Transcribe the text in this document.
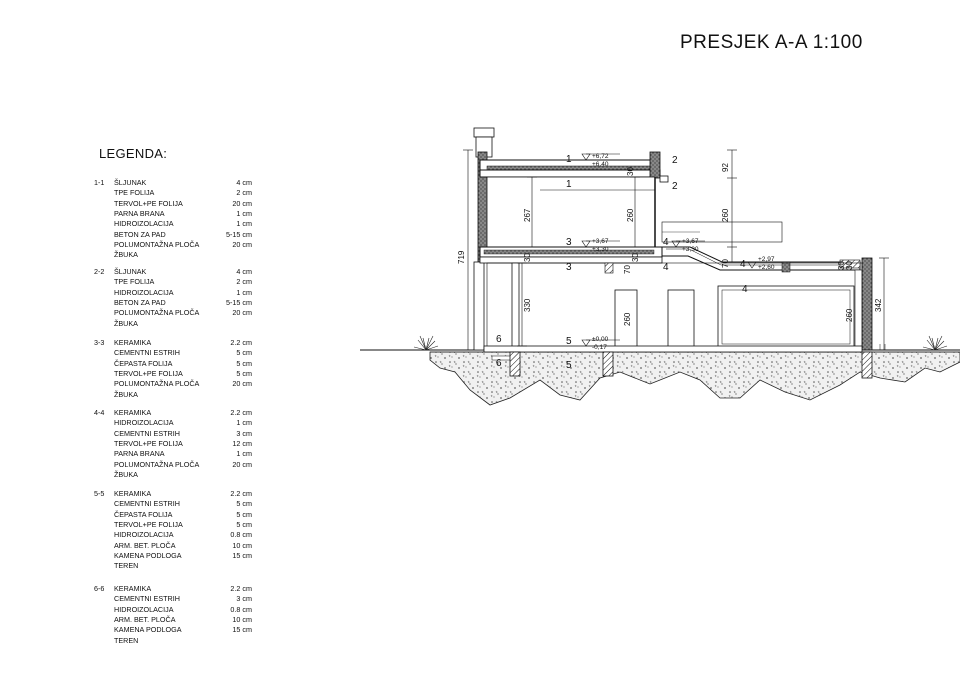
PRESJEK A-A 1:100
LEGENDA:
1-1 ŠLJUNAK	4 cm
TPE FOLIJA	2 cm
TERVOL+PE FOLIJA	20 cm
PARNA BRANA	1 cm
HIDROIZOLACIJA	1 cm
BETON ZA PAD	5-15 cm
POLUMONTAŽNA PLOČA	20 cm
ŽBUKA
2-2 ŠLJUNAK	4 cm
TPE FOLIJA	2 cm
HIDROIZOLACIJA	1 cm
BETON ZA PAD	5-15 cm
POLUMONTAŽNA PLOČA	20 cm
ŽBUKA
3-3 KERAMIKA	2.2 cm
CEMENTNI ESTRIH	5 cm
ČEPASTA FOLIJA	5 cm
TERVOL+PE FOLIJA	5 cm
POLUMONTAŽNA PLOČA	20 cm
ŽBUKA
4-4 KERAMIKA	2.2 cm
HIDROIZOLACIJA	1 cm
CEMENTNI ESTRIH	3 cm
TERVOL+PE FOLIJA	12 cm
PARNA BRANA	1 cm
POLUMONTAŽNA PLOČA	20 cm
ŽBUKA
5-5 KERAMIKA	2.2 cm
CEMENTNI ESTRIH	5 cm
ČEPASTA FOLIJA	5 cm
TERVOL+PE FOLIJA	5 cm
HIDROIZOLACIJA	0.8 cm
ARM. BET. PLOČA	10 cm
KAMENA PODLOGA	15 cm
TEREN
6-6 KERAMIKA	2.2 cm
CEMENTNI ESTRIH	3 cm
HIDROIZOLACIJA	0.8 cm
ARM. BET. PLOČA	10 cm
KAMENA PODLOGA	15 cm
TEREN
719
267	260
30
30
70
30
330
260
92
260
70
260
342
30
30
+6,72
+6,40
+3,67
+3,30
+3,67
+3,30
+2,97
+2,60
±0,00
-0,17
1
1
2
2
3
3
4
4	4
4
5
5
6
6
